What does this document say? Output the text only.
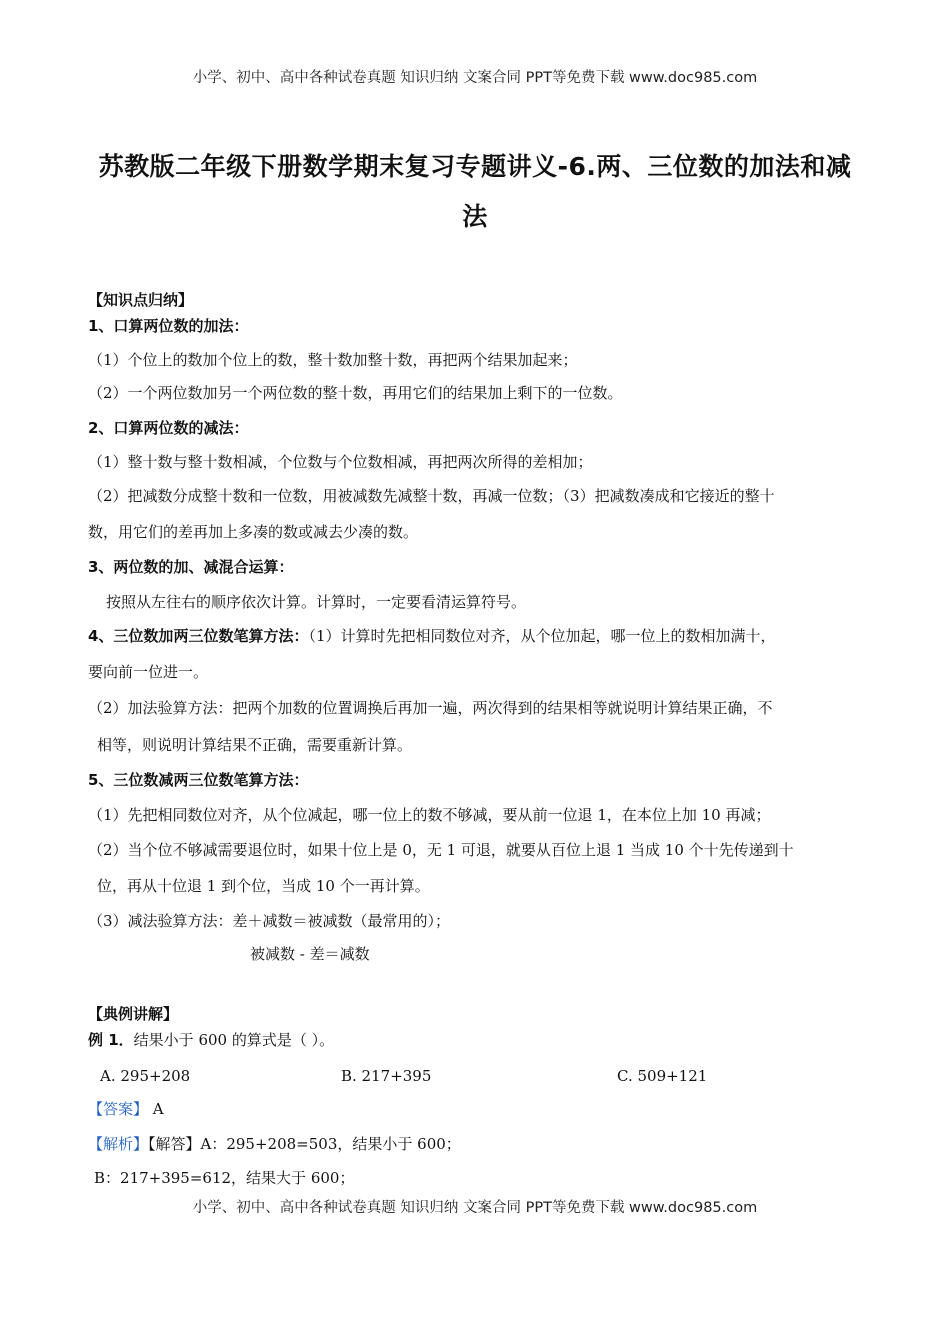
小学、初中、高中各种试卷真题 知识归纳 文案合同 PPT等免费下载 www.doc985.com
苏教版二年级下册数学期末复习专题讲义-6.两、三位数的加法和减
法
【知识点归纳】
1、口算两位数的加法：
（1）个位上的数加个位上的数，整十数加整十数，再把两个结果加起来；
（2）一个两位数加另一个两位数的整十数，再用它们的结果加上剩下的一位数。
2、口算两位数的减法：
（1）整十数与整十数相减，个位数与个位数相减，再把两次所得的差相加；
（2）把减数分成整十数和一位数，用被减数先减整十数，再减一位数；（3）把减数凑成和它接近的整十
数，用它们的差再加上多凑的数或减去少凑的数。
3、两位数的加、减混合运算：
按照从左往右的顺序依次计算。计算时，一定要看清运算符号。
4、三位数加两三位数笔算方法：（1）计算时先把相同数位对齐，从个位加起，哪一位上的数相加满十，
要向前一位进一。
（2）加法验算方法：把两个加数的位置调换后再加一遍，两次得到的结果相等就说明计算结果正确，不
相等，则说明计算结果不正确，需要重新计算。
5、三位数减两三位数笔算方法：
（1）先把相同数位对齐，从个位减起，哪一位上的数不够减，要从前一位退 1，在本位上加 10 再减；
（2）当个位不够减需要退位时，如果十位上是 0，无 1 可退，就要从百位上退 1 当成 10 个十先传递到十
位，再从十位退 1 到个位，当成 10 个一再计算。
（3）减法验算方法：差＋减数＝被减数（最常用的）；
被减数 - 差＝减数
【典例讲解】
例 1．结果小于 600 的算式是（ ）。
A. 295+208	B. 217+395	C. 509+121
【答案】 A
【解析】【解答】A：295+208=503，结果小于 600；
B：217+395=612，结果大于 600；
小学、初中、高中各种试卷真题 知识归纳 文案合同 PPT等免费下载 www.doc985.com
